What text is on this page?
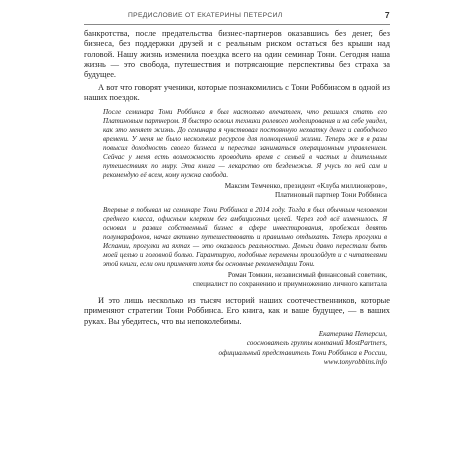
ПРЕДИСЛОВИЕ ОТ ЕКАТЕРИНЫ ПЕТЕРСИЛ	7

банкротства, после предательства бизнес-партнеров оказавшись без денег, без бизнеса, без поддержки друзей и с реальным риском остаться без крыши над головой. Нашу жизнь изменила поездка всего на один семинар Тони. Сегодня наша жизнь — это свобода, путешествия и потрясающие перспективы без страха за будущее.

А вот что говорят ученики, которые познакомились с Тони Роббинсом в одной из наших поездок.

После семинара Тони Роббинса я был настолько впечатлен, что решился стать его Платиновым партнером. Я быстро освоил техники ролевого моделирования и на себе увидел, как это меняет жизнь. До семинара я чувствовал постоянную нехватку денег и свободного времени. У меня не было нескольких ресурсов для полноценной жизни. Теперь же я в разы повысил доходность своего бизнеса и перестал заниматься операционным управлением. Сейчас у меня есть возможность проводить время с семьей в частых и длительных путешествиях по миру. Эта книга — лекарство от безденежья. Я учусь по ней сам и рекомендую её всем, кому нужна свобода.

Максим Темченко, президент «Клуба миллионеров»,
Платиновый партнер Тони Роббинса

Впервые я побывал на семинаре Тони Роббинса в 2014 году. Тогда я был обычным человеком среднего класса, офисным клерком без амбициозных целей. Через год всё изменилось. Я основал и развил собственный бизнес в сфере инвестирования, пробежал девять полумарафонов, начал активно путешествовать и правильно отдыхать. Теперь прогулки в Испании, прогулки на яхтах — это оказалось реальностью. Деньги давно перестали быть моей целью и головной болью. Гарантирую, подобные перемены произойдут и с читателями этой книги, если они применят хотя бы основные рекомендации Тони.

Роман Томкин, независимый финансовый советник,
специалист по сохранению и приумножению личного капитала

И это лишь несколько из тысяч историй наших соотечественников, которые применяют стратегии Тони Роббинса. Его книга, как и ваше будущее, — в ваших руках. Вы убедитесь, что вы непоколебимы.

Екатерина Петерсил,
сооснователь группы компаний MostPartners,
официальный представитель Тони Роббинса в России,
www.tonyrobbins.info
